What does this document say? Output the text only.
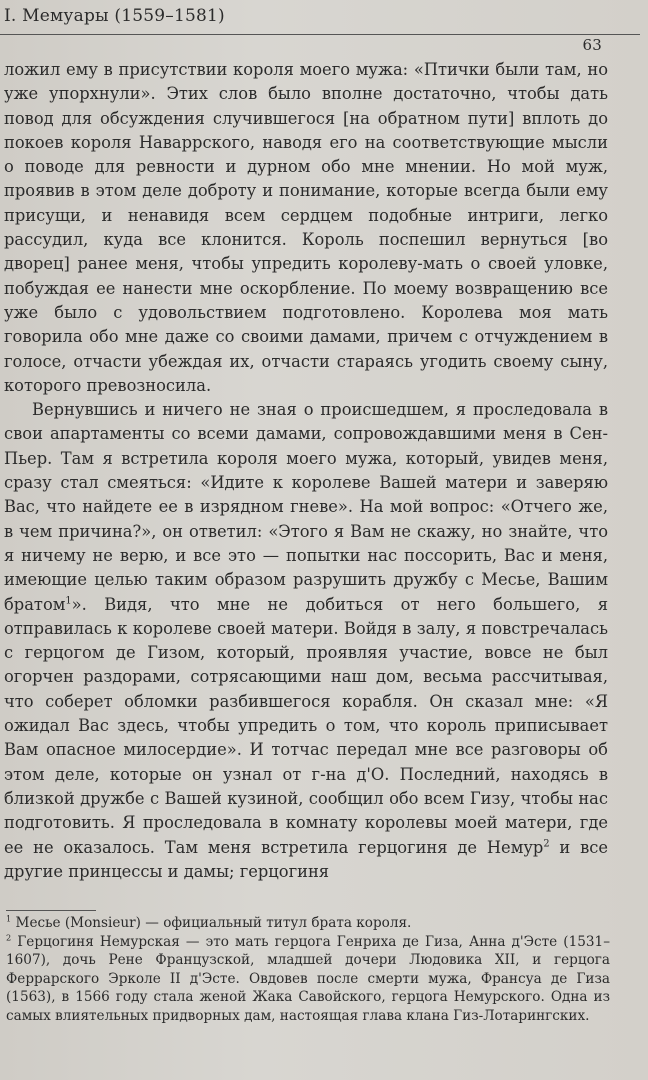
I. Мемуары (1559–1581)
63

ложил ему в присутствии короля моего мужа: «Птички были там, но уже упорхнули». Этих слов было вполне достаточно, чтобы дать повод для обсуждения случившегося [на обратном пути] вплоть до покоев короля Наваррского, наводя его на соответствующие мысли о поводе для ревности и дурном обо мне мнении. Но мой муж, проявив в этом деле доброту и понимание, которые всегда были ему присущи, и ненавидя всем сердцем подобные интриги, легко рассудил, куда все клонится. Король поспешил вернуться [во дворец] ранее меня, чтобы упредить королеву-мать о своей уловке, побуждая ее нанести мне оскорбление. По моему возвращению все уже было с удовольствием подготовлено. Королева моя мать говорила обо мне даже со своими дамами, причем с отчуждением в голосе, отчасти убеждая их, отчасти стараясь угодить своему сыну, которого превозносила.

Вернувшись и ничего не зная о происшедшем, я проследовала в свои апартаменты со всеми дамами, сопровождавшими меня в Сен-Пьер. Там я встретила короля моего мужа, который, увидев меня, сразу стал смеяться: «Идите к королеве Вашей матери и заверяю Вас, что найдете ее в изрядном гневе». На мой вопрос: «Отчего же, в чем причина?», он ответил: «Этого я Вам не скажу, но знайте, что я ничему не верю, и все это — попытки нас поссорить, Вас и меня, имеющие целью таким образом разрушить дружбу с Месье, Вашим братом$^1$». Видя, что мне не добиться от него большего, я отправилась к королеве своей матери. Войдя в залу, я повстречалась с герцогом де Гизом, который, проявляя участие, вовсе не был огорчен раздорами, сотрясающими наш дом, весьма рассчитывая, что соберет обломки разбившегося корабля. Он сказал мне: «Я ожидал Вас здесь, чтобы упредить о том, что король приписывает Вам опасное милосердие». И тотчас передал мне все разговоры об этом деле, которые он узнал от г-на д'О. Последний, находясь в близкой дружбе с Вашей кузиной, сообщил обо всем Гизу, чтобы нас подготовить. Я проследовала в комнату королевы моей матери, где ее не оказалось. Там меня встретила герцогиня де Немур$^2$ и все другие принцессы и дамы; герцогиня

$^1$ Месье (Monsieur) — официальный титул брата короля.

$^2$ Герцогиня Немурская — это мать герцога Генриха де Гиза, Анна д'Эсте (1531–1607), дочь Рене Французской, младшей дочери Людовика XII, и герцога Феррарского Эрколе II д'Эсте. Овдовев после смерти мужа, Франсуа де Гиза (1563), в 1566 году стала женой Жака Савойского, герцога Немурского. Одна из самых влиятельных придворных дам, настоящая глава клана Гиз-Лотарингских.
